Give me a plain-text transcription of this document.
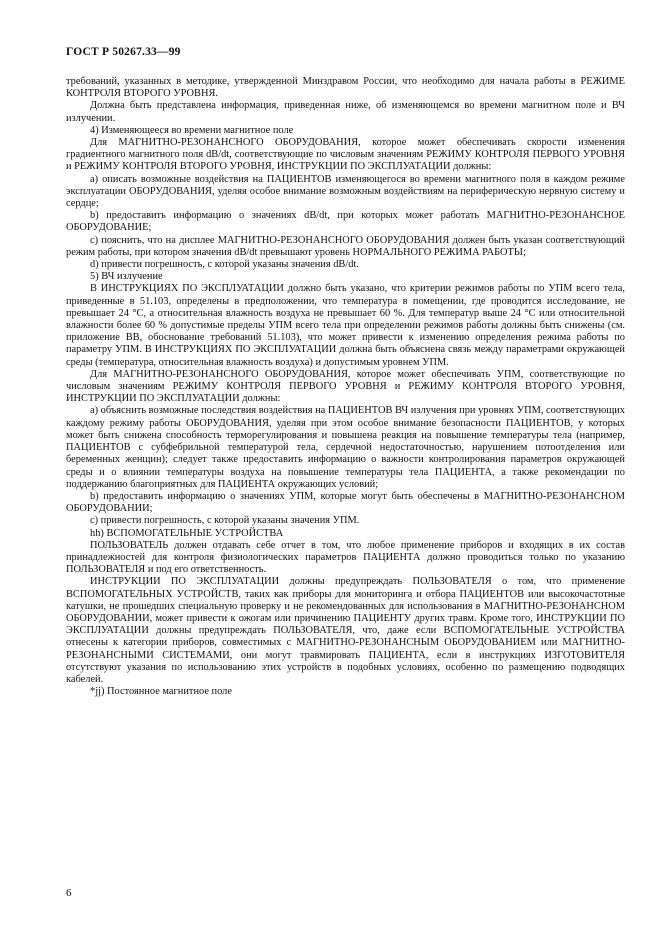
ГОСТ Р 50267.33—99

требований, указанных в методике, утвержденной Минздравом России, что необходимо для начала работы в РЕЖИМЕ КОНТРОЛЯ ВТОРОГО УРОВНЯ.

Должна быть представлена информация, приведенная ниже, об изменяющемся во времени магнитном поле и ВЧ излучении.

4) Изменяющееся во времени магнитное поле

Для МАГНИТНО-РЕЗОНАНСНОГО ОБОРУДОВАНИЯ, которое может обеспечивать скорости изменения градиентного магнитного поля dB/dt, соответствующие по числовым значениям РЕЖИМУ КОНТРОЛЯ ПЕРВОГО УРОВНЯ и РЕЖИМУ КОНТРОЛЯ ВТОРОГО УРОВНЯ, ИНСТРУКЦИИ ПО ЭКСПЛУАТАЦИИ должны:

a) описать возможные воздействия на ПАЦИЕНТОВ изменяющегося во времени магнитного поля в каждом режиме эксплуатации ОБОРУДОВАНИЯ, уделяя особое внимание возможным воздействиям на периферическую нервную систему и сердце;

b) предоставить информацию о значениях dB/dt, при которых может работать МАГНИТНО-РЕЗОНАНСНОЕ ОБОРУДОВАНИЕ;

c) пояснить, что на дисплее МАГНИТНО-РЕЗОНАНСНОГО ОБОРУДОВАНИЯ должен быть указан соответствующий режим работы, при котором значения dB/dt превышают уровень НОРМАЛЬНОГО РЕЖИМА РАБОТЫ;

d) привести погрешность, с которой указаны значения dB/dt.

5) ВЧ излучение

В ИНСТРУКЦИЯХ ПО ЭКСПЛУАТАЦИИ должно быть указано, что критерии режимов работы по УПМ всего тела, приведенные в 51.103, определены в предположении, что температура в помещении, где проводится исследование, не превышает 24 °С, а относительная влажность воздуха не превышает 60 %. Для температур выше 24 °С или относительной влажности более 60 % допустимые пределы УПМ всего тела при определении режимов работы должны быть снижены (см. приложение ВВ, обоснование требований 51.103), что может привести к изменению определения режима работы по параметру УПМ. В ИНСТРУКЦИЯХ ПО ЭКСПЛУАТАЦИИ должна быть объяснена связь между параметрами окружающей среды (температура, относительная влажность воздуха) и допустимым уровнем УПМ.

Для МАГНИТНО-РЕЗОНАНСНОГО ОБОРУДОВАНИЯ, которое может обеспечивать УПМ, соответствующие по числовым значениям РЕЖИМУ КОНТРОЛЯ ПЕРВОГО УРОВНЯ и РЕЖИМУ КОНТРОЛЯ ВТОРОГО УРОВНЯ, ИНСТРУКЦИИ ПО ЭКСПЛУАТАЦИИ должны:

a) объяснить возможные последствия воздействия на ПАЦИЕНТОВ ВЧ излучения при уровнях УПМ, соответствующих каждому режиму работы ОБОРУДОВАНИЯ, уделяя при этом особое внимание безопасности ПАЦИЕНТОВ, у которых может быть снижена способность терморегулирования и повышена реакция на повышение температуры тела (например, ПАЦИЕНТОВ с субфебрильной температурой тела, сердечной недостаточностью, нарушением потоотделения или беременных женщин); следует также предоставить информацию о важности контролирования параметров окружающей среды и о влиянии температуры воздуха на повышение температуры тела ПАЦИЕНТА, а также рекомендации по поддержанию благоприятных для ПАЦИЕНТА окружающих условий;

b) предоставить информацию о значениях УПМ, которые могут быть обеспечены в МАГНИТНО-РЕЗОНАНСНОМ ОБОРУДОВАНИИ;

c) привести погрешность, с которой указаны значения УПМ.

hh) ВСПОМОГАТЕЛЬНЫЕ УСТРОЙСТВА

ПОЛЬЗОВАТЕЛЬ должен отдавать себе отчет в том, что любое применение приборов и входящих в их состав принадлежностей для контроля физиологических параметров ПАЦИЕНТА должно проводиться только по указанию ПОЛЬЗОВАТЕЛЯ и под его ответственность.

ИНСТРУКЦИИ ПО ЭКСПЛУАТАЦИИ должны предупреждать ПОЛЬЗОВАТЕЛЯ о том, что применение ВСПОМОГАТЕЛЬНЫХ УСТРОЙСТВ, таких как приборы для мониторинга и отбора ПАЦИЕНТОВ или высокочастотные катушки, не прошедших специальную проверку и не рекомендованных для использования в МАГНИТНО-РЕЗОНАНСНОМ ОБОРУДОВАНИИ, может привести к ожогам или причинению ПАЦИЕНТУ других травм. Кроме того, ИНСТРУКЦИИ ПО ЭКСПЛУАТАЦИИ должны предупреждать ПОЛЬЗОВАТЕЛЯ, что, даже если ВСПОМОГАТЕЛЬНЫЕ УСТРОЙСТВА отнесены к категории приборов, совместимых с МАГНИТНО-РЕЗОНАНСНЫМ ОБОРУДОВАНИЕМ или МАГНИТНО-РЕЗОНАНСНЫМИ СИСТЕМАМИ, они могут травмировать ПАЦИЕНТА, если в инструкциях ИЗГОТОВИТЕЛЯ отсутствуют указания по использованию этих устройств в подобных условиях, особенно по размещению подводящих кабелей.

*jj) Постоянное магнитное поле

6
